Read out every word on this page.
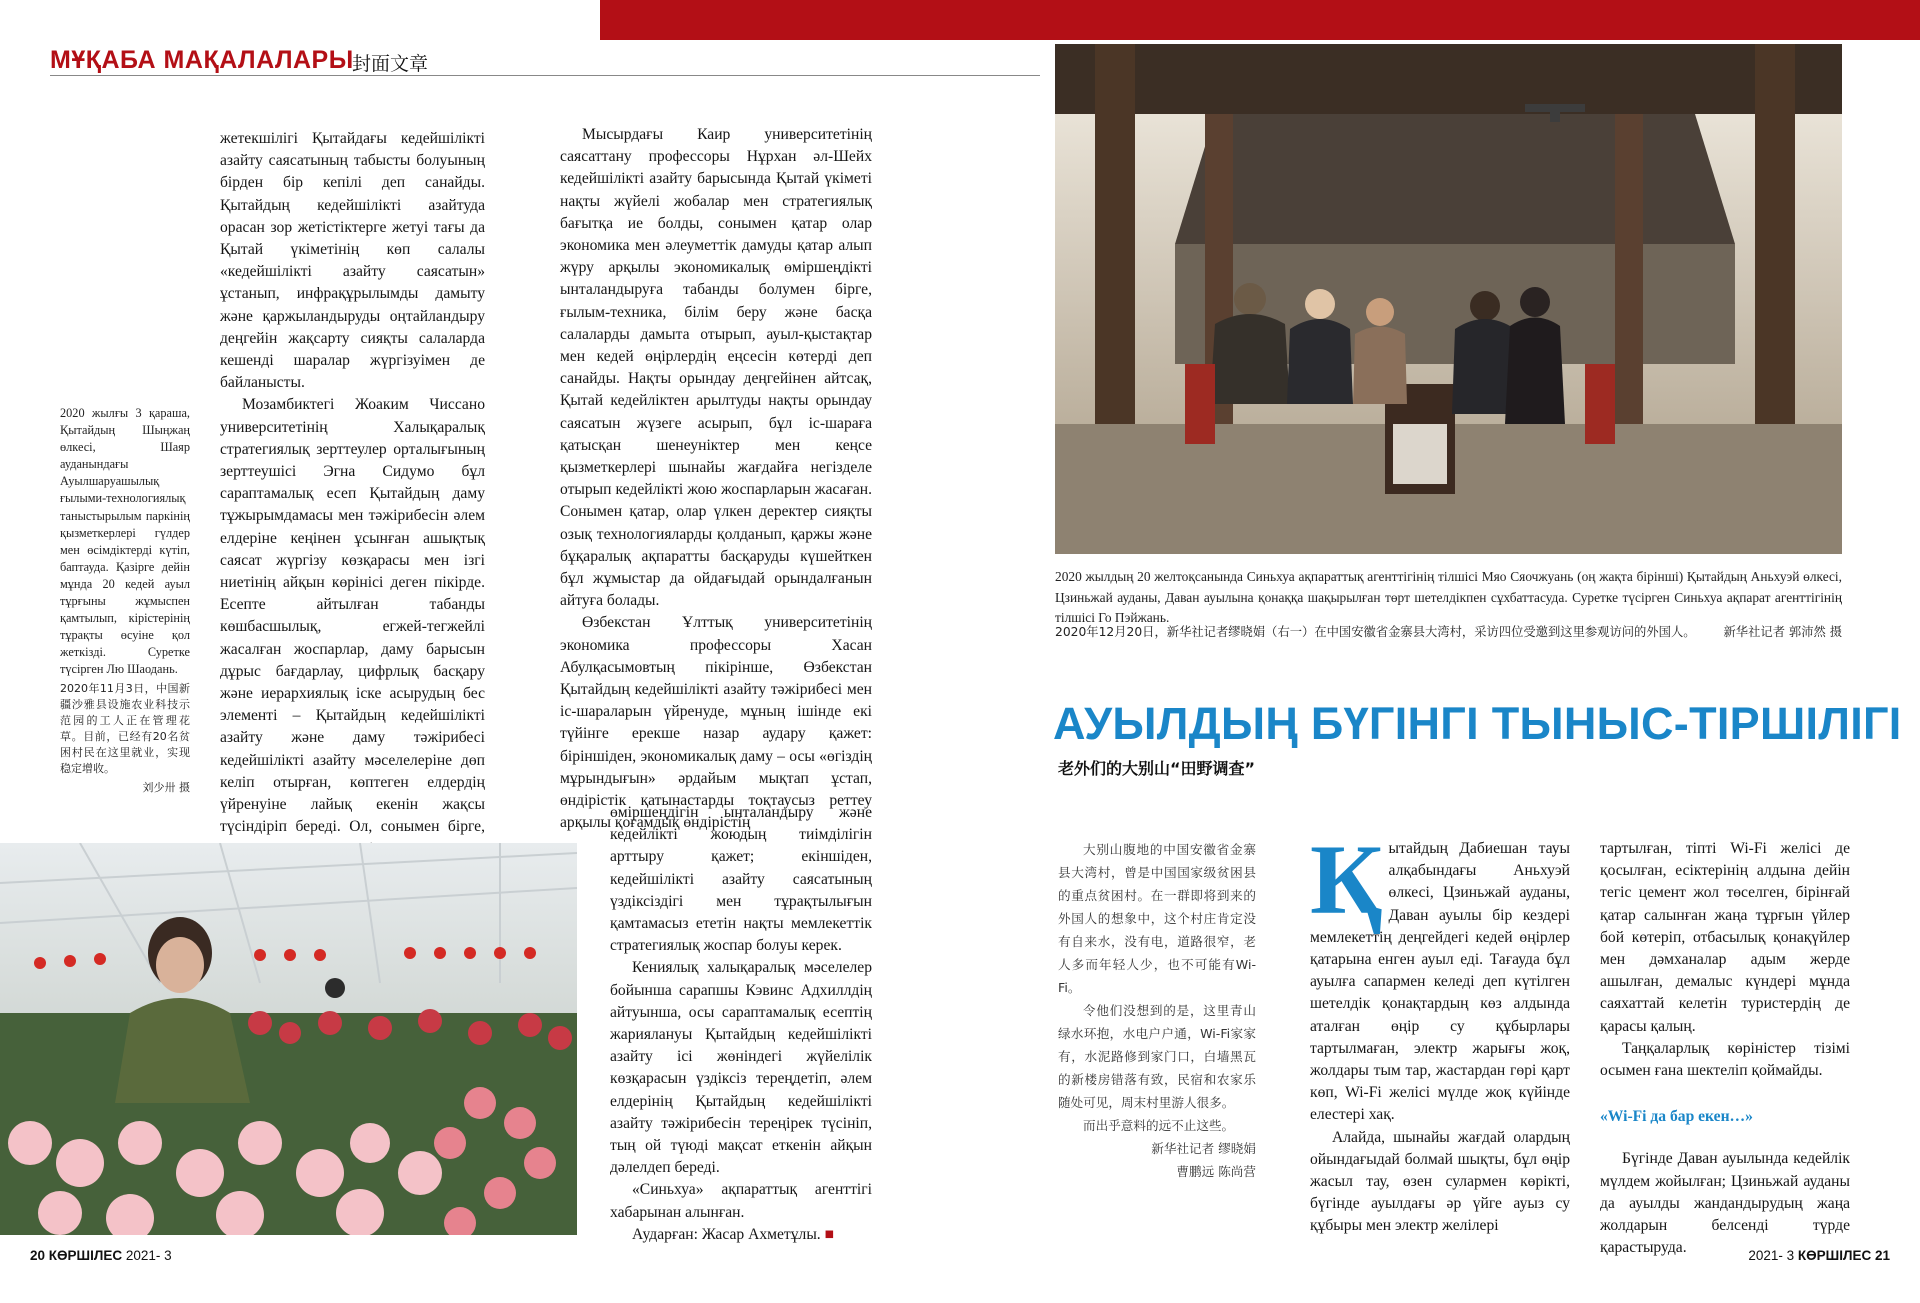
МҰҚАБА МАҚАЛАЛАРЫ
封面文章

2020 жылғы 3 қараша, Қытайдың Шыңжаң өлкесі, Шаяр ауданындағы Ауылшаруашылық ғылыми-технологиялық таныстырылым паркінің қызметкерлері гүлдер мен өсімдіктерді күтіп, баптауда. Қазірге дейін мұнда 20 кедей ауыл тұрғыны жұмыспен қамтылып, кірістерінің тұрақты өсуіне қол жеткізді. Суретке түсірген Лю Шаодань.

2020年11月3日，中国新疆沙雅县设施农业科技示范园的工人正在管理花草。目前，已经有20名贫困村民在这里就业，实现稳定增收。

刘少卅 摄

жетекшілігі Қытайдағы кедейшілікті азайту саясатының табысты болуының бірден бір кепілі деп санайды. Қытайдың кедейшілікті азайтуда орасан зор жетістіктерге жетуі тағы да Қытай үкіметінің көп салалы «кедейшілікті азайту саясатын» ұстанып, инфрақұрылымды дамыту және қаржыландыруды оңтайландыру деңгейін жақсарту сияқты салаларда кешенді шаралар жүргізуімен де байланысты.

Мозамбиктегі Жоаким Чиссано университетінің Халықаралық стратегиялық зерттеулер орталығының зерттеушісі Эгна Сидумо бұл сараптамалық есеп Қытайдың даму тұжырымдамасы мен тәжірибесін әлем елдеріне кеңінен ұсынған ашықтық саясат жүргізу көзқарасы мен ізгі ниетінің айқын көрінісі деген пікірде. Есепте айтылған табанды көшбасшылық, егжей-тегжейлі жасалған жоспарлар, даму барысын дұрыс бағдарлау, цифрлық басқару және иерархиялық іске асырудың бес элементі – Қытайдың кедейшілікті азайту және даму тәжірибесі кедейшілікті азайту мәселелеріне дөп келіп отырған, көптеген елдердің үйренуіне лайық екенін жақсы түсіндіріп береді. Ол, сонымен бірге,

Мысырдағы Каир университетінің саясаттану профессоры Нұрхан әл-Шейх кедейшілікті азайту барысында Қытай үкіметі нақты жүйелі жобалар мен стратегиялық бағытқа ие болды, сонымен қатар олар экономика мен әлеуметтік дамуды қатар алып жүру арқылы экономикалық өміршеңдікті ынталандыруға табанды болумен бірге, ғылым-техника, білім беру және басқа салаларды дамыта отырып, ауыл-қыстақтар мен кедей өңірлердің еңсесін көтерді деп санайды. Нақты орындау деңгейінен айтсақ, Қытай кедейліктен арылтуды нақты орындау саясатын жүзеге асырып, бұл іс-шараға қатысқан шенеуніктер мен кеңсе қызметкерлері шынайы жағдайға негізделе отырып кедейлікті жою жоспарларын жасаған. Сонымен қатар, олар үлкен деректер сияқты озық технологияларды қолданып, қаржы және бұқаралық ақпаратты басқаруды күшейткен бұл жұмыстар да ойдағыдай орындалғанын айтуға болады.

Өзбекстан Ұлттық университетінің экономика профессоры Хасан Абулқасымовтың пікірінше, Өзбекстан Қытайдың кедейшілікті азайту тәжірибесі мен іс-шараларын үйренуде, мұның ішінде екі түйінге ерекше назар аудару қажет: біріншіден, экономикалық даму – осы «өгіздің мұрындығын» әрдайым мықтап ұстап, өндірістік қатынастарды тоқтаусыз реттеу арқылы қоғамдық өндірістің

өміршеңдігін ынталандыру және кедейлікті жоюдың тиімділігін арттыру қажет; екіншіден, кедейшілікті азайту саясатының үздіксіздігі мен тұрақтылығын қамтамасыз ететін нақты мемлекеттік стратегиялық жоспар болуы керек.

Кениялық халықаралық мәселелер бойынша сарапшы Кэвинс Адхиллдің айтуынша, осы сараптамалық есептің жариялануы Қытайдың кедейшілікті азайту ісі жөніндегі жүйелілік көзқарасын үздіксіз тереңдетіп, әлем елдерінің Қытайдың кедейшілікті азайту тәжірибесін тереңірек түсініп, тың ой түюді мақсат еткенін айқын дәлелдеп береді.

«Синьхуа» ақпараттық агенттігі хабарынан алынған.

Аударған: Жасар Ахметұлы. ■

2020 жылдың 20 желтоқсанында Синьхуа ақпараттық агенттігінің тілшісі Мяо Сяочжуань (оң жақта бірінші) Қытайдың Аньхуэй өлкесі, Цзиньжай ауданы, Даван ауылына қонаққа шақырылған төрт шетелдікпен сұхбаттасуда. Суретке түсірген Синьхуа ақпарат агенттігінің тілшісі Го Пэйжань.
2020年12月20日，新华社记者缪晓娟（右一）在中国安徽省金寨县大湾村，采访四位受邀到这里参观访问的外国人。 新华社记者 郭沛然 摄
АУЫЛДЫҢ БҮГІНГІ ТЫНЫС-ТІРШІЛІГІ
老外们的大别山“田野调查”

大别山腹地的中国安徽省金寨县大湾村，曾是中国国家级贫困县的重点贫困村。在一群即将到来的外国人的想象中，这个村庄肯定没有自来水，没有电，道路很窄，老人多而年轻人少，也不可能有Wi-Fi。

令他们没想到的是，这里青山绿水环抱，水电户户通，Wi-Fi家家有，水泥路修到家门口，白墙黑瓦的新楼房错落有致，民宿和农家乐随处可见，周末村里游人很多。

而出乎意料的远不止这些。

新华社记者 缪晓娟

曹鹏远 陈尚营

Қытайдың Дабиешан тауы алқабындағы Аньхуэй өлкесі, Цзиньжай ауданы, Даван ауылы бір кездері мемлекеттің деңгейдегі кедей өңірлер қатарына енген ауыл еді. Тағауда бұл ауылға сапармен келеді деп күтілген шетелдік қонақтардың көз алдында аталған өңір су құбырлары тартылмаған, электр жарығы жоқ, жолдары тым тар, жастардан гөрі қарт көп, Wi-Fi желісі мүлде жоқ күйінде елестері хақ.

Алайда, шынайы жағдай олардың ойындағыдай болмай шықты, бұл өңір жасыл тау, өзен сулармен көрікті, бүгінде ауылдағы әр үйге ауыз су құбыры мен электр желілері

тартылған, тіпті Wi-Fi желісі де қосылған, есіктерінің алдына дейін тегіс цемент жол төселген, бірінғай қатар салынған жаңа тұрғын үйлер бой көтеріп, отбасылық қонақүйлер мен дәмханалар адым жерде ашылған, демалыс күндері мұнда саяхаттай келетін туристердің де қарасы қалың.

Таңқаларлық көріністер тізімі осымен ғана шектеліп қоймайды.

«Wi-Fi да бар екен…»

Бүгінде Даван ауылында кедейлік мүлдем жойылған; Цзиньжай ауданы да ауылды жандандырудың жаңа жолдарын белсенді түрде қарастыруда.

20 КӨРШІЛЕС 2021- 3	2021- 3 КӨРШІЛЕС 21
